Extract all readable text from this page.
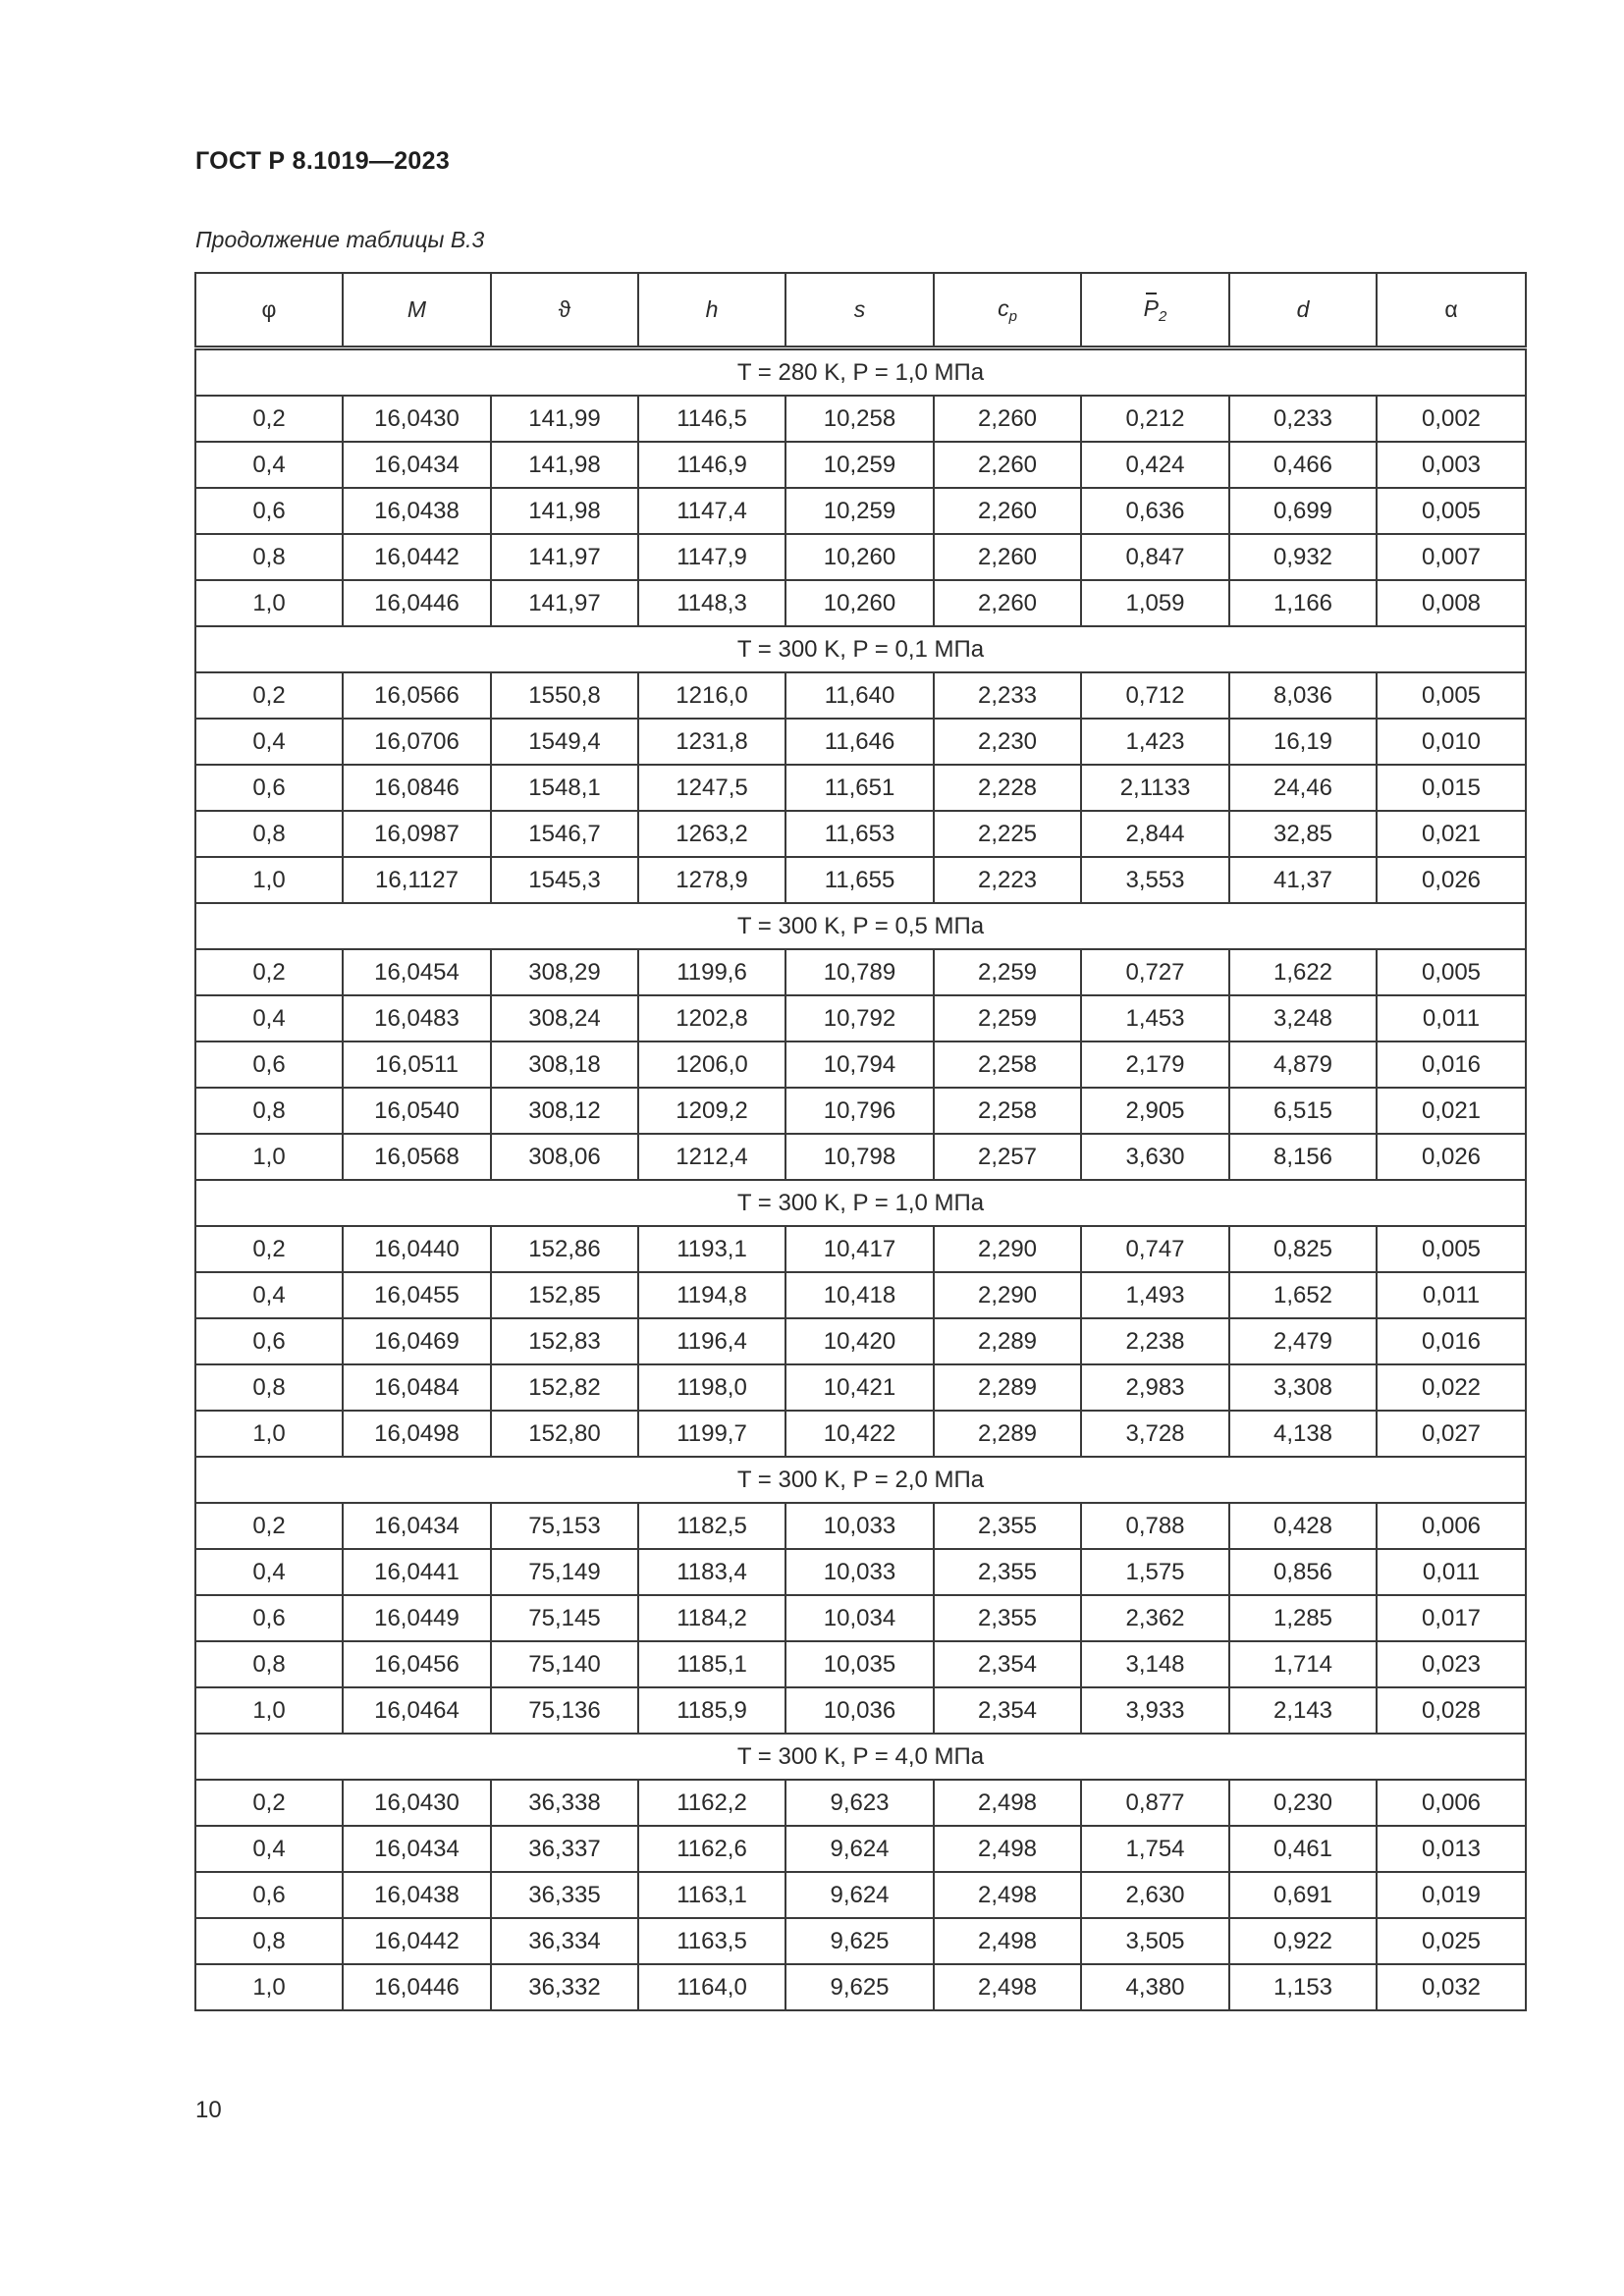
ГОСТ Р 8.1019—2023
Продолжение таблицы В.3
φ	M	ϑ	h	s	$c_p$	$P_2$	d	α
T = 280 K, P = 1,0 МПа								
0,2	16,0430	141,99	1146,5	10,258	2,260	0,212	0,233	0,002
0,4	16,0434	141,98	1146,9	10,259	2,260	0,424	0,466	0,003
0,6	16,0438	141,98	1147,4	10,259	2,260	0,636	0,699	0,005
0,8	16,0442	141,97	1147,9	10,260	2,260	0,847	0,932	0,007
1,0	16,0446	141,97	1148,3	10,260	2,260	1,059	1,166	0,008
T = 300 K, P = 0,1 МПа								
0,2	16,0566	1550,8	1216,0	11,640	2,233	0,712	8,036	0,005
0,4	16,0706	1549,4	1231,8	11,646	2,230	1,423	16,19	0,010
0,6	16,0846	1548,1	1247,5	11,651	2,228	2,1133	24,46	0,015
0,8	16,0987	1546,7	1263,2	11,653	2,225	2,844	32,85	0,021
1,0	16,1127	1545,3	1278,9	11,655	2,223	3,553	41,37	0,026
T = 300 K, P = 0,5 МПа								
0,2	16,0454	308,29	1199,6	10,789	2,259	0,727	1,622	0,005
0,4	16,0483	308,24	1202,8	10,792	2,259	1,453	3,248	0,011
0,6	16,0511	308,18	1206,0	10,794	2,258	2,179	4,879	0,016
0,8	16,0540	308,12	1209,2	10,796	2,258	2,905	6,515	0,021
1,0	16,0568	308,06	1212,4	10,798	2,257	3,630	8,156	0,026
T = 300 K, P = 1,0 МПа								
0,2	16,0440	152,86	1193,1	10,417	2,290	0,747	0,825	0,005
0,4	16,0455	152,85	1194,8	10,418	2,290	1,493	1,652	0,011
0,6	16,0469	152,83	1196,4	10,420	2,289	2,238	2,479	0,016
0,8	16,0484	152,82	1198,0	10,421	2,289	2,983	3,308	0,022
1,0	16,0498	152,80	1199,7	10,422	2,289	3,728	4,138	0,027
T = 300 K, P = 2,0 МПа								
0,2	16,0434	75,153	1182,5	10,033	2,355	0,788	0,428	0,006
0,4	16,0441	75,149	1183,4	10,033	2,355	1,575	0,856	0,011
0,6	16,0449	75,145	1184,2	10,034	2,355	2,362	1,285	0,017
0,8	16,0456	75,140	1185,1	10,035	2,354	3,148	1,714	0,023
1,0	16,0464	75,136	1185,9	10,036	2,354	3,933	2,143	0,028
T = 300 K, P = 4,0 МПа								
0,2	16,0430	36,338	1162,2	9,623	2,498	0,877	0,230	0,006
0,4	16,0434	36,337	1162,6	9,624	2,498	1,754	0,461	0,013
0,6	16,0438	36,335	1163,1	9,624	2,498	2,630	0,691	0,019
0,8	16,0442	36,334	1163,5	9,625	2,498	3,505	0,922	0,025
1,0	16,0446	36,332	1164,0	9,625	2,498	4,380	1,153	0,032
10
